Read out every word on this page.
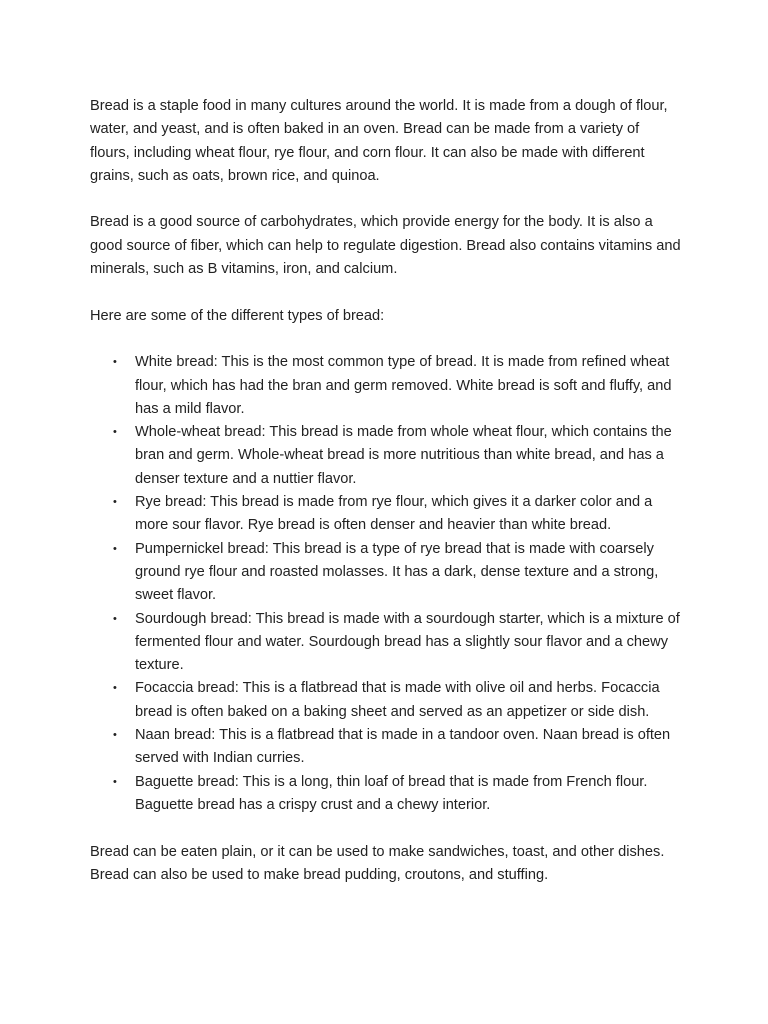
Bread is a staple food in many cultures around the world. It is made from a dough of flour, water, and yeast, and is often baked in an oven. Bread can be made from a variety of flours, including wheat flour, rye flour, and corn flour. It can also be made with different grains, such as oats, brown rice, and quinoa.

Bread is a good source of carbohydrates, which provide energy for the body. It is also a good source of fiber, which can help to regulate digestion. Bread also contains vitamins and minerals, such as B vitamins, iron, and calcium.

Here are some of the different types of bread:

• White bread: This is the most common type of bread. It is made from refined wheat flour, which has had the bran and germ removed. White bread is soft and fluffy, and has a mild flavor.
• Whole-wheat bread: This bread is made from whole wheat flour, which contains the bran and germ. Whole-wheat bread is more nutritious than white bread, and has a denser texture and a nuttier flavor.
• Rye bread: This bread is made from rye flour, which gives it a darker color and a more sour flavor. Rye bread is often denser and heavier than white bread.
• Pumpernickel bread: This bread is a type of rye bread that is made with coarsely ground rye flour and roasted molasses. It has a dark, dense texture and a strong, sweet flavor.
• Sourdough bread: This bread is made with a sourdough starter, which is a mixture of fermented flour and water. Sourdough bread has a slightly sour flavor and a chewy texture.
• Focaccia bread: This is a flatbread that is made with olive oil and herbs. Focaccia bread is often baked on a baking sheet and served as an appetizer or side dish.
• Naan bread: This is a flatbread that is made in a tandoor oven. Naan bread is often served with Indian curries.
• Baguette bread: This is a long, thin loaf of bread that is made from French flour. Baguette bread has a crispy crust and a chewy interior.

Bread can be eaten plain, or it can be used to make sandwiches, toast, and other dishes. Bread can also be used to make bread pudding, croutons, and stuffing.
